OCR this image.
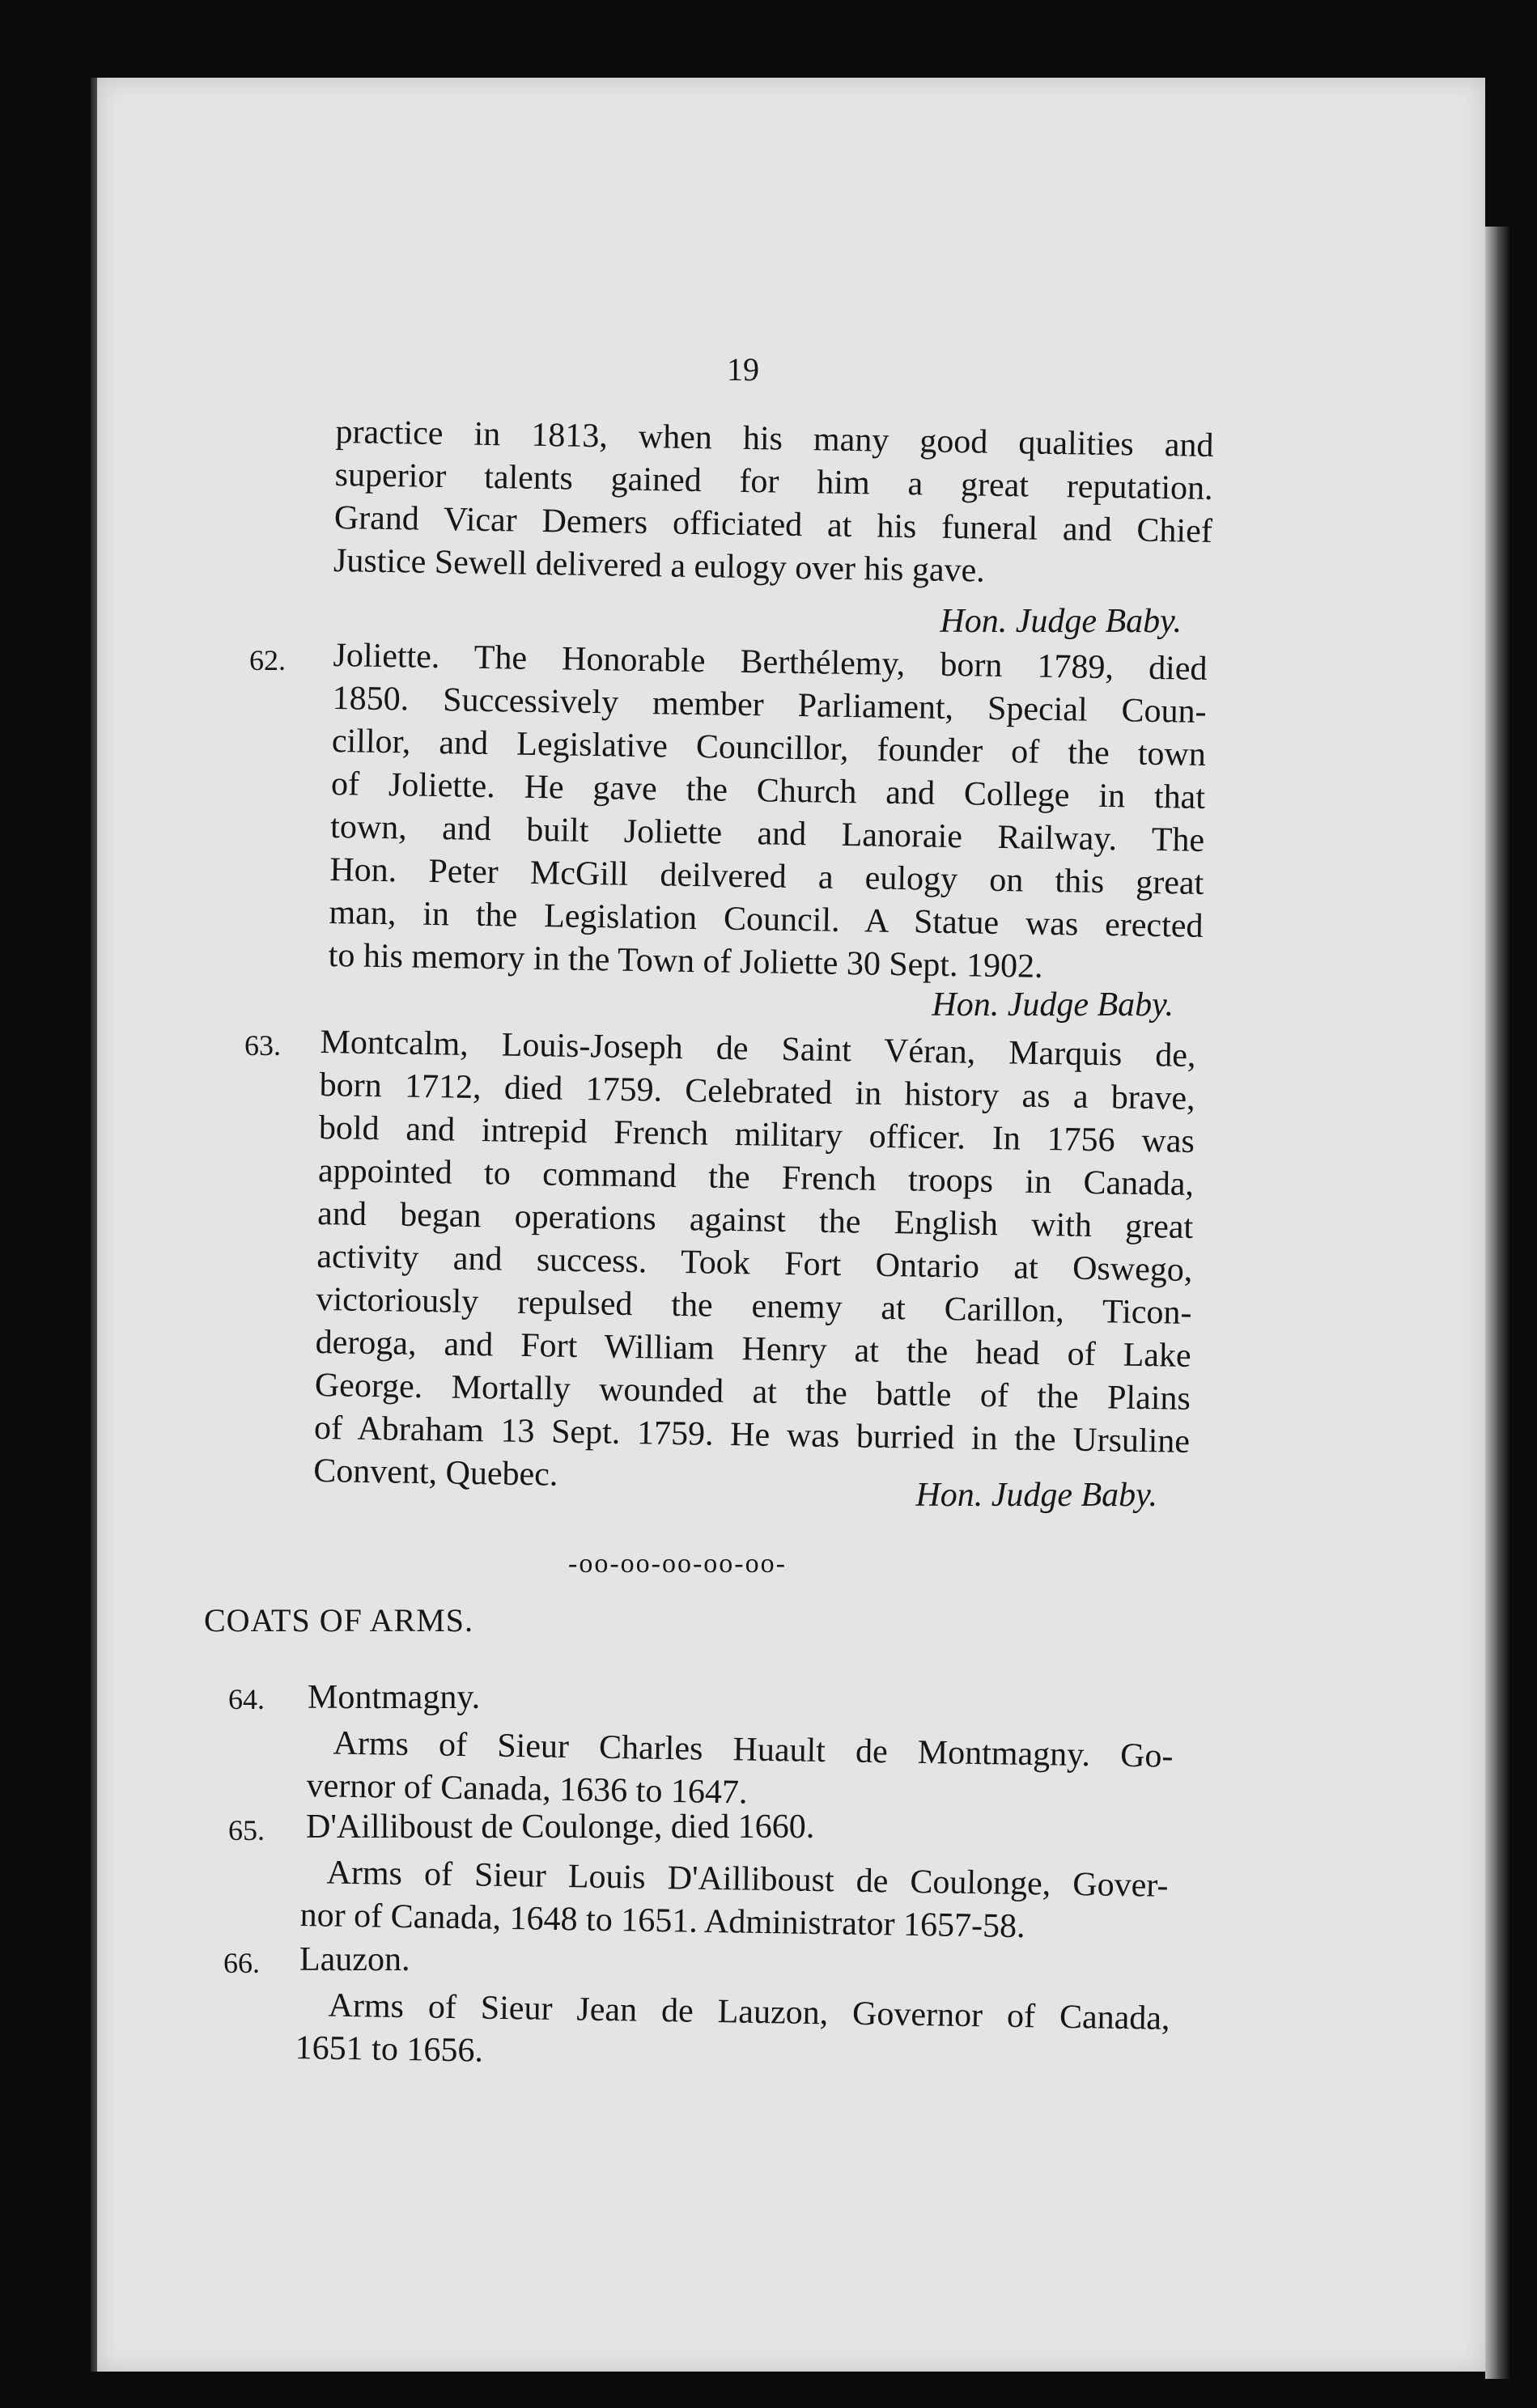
19
practice in 1813, when his many good qualities and
superior talents gained for him a great reputation.
Grand Vicar Demers officiated at his funeral and Chief
Justice Sewell delivered a eulogy over his gave.
Hon. Judge Baby.
62. Joliette. The Honorable Berthélemy, born 1789, died
1850. Successively member Parliament, Special Coun-
cillor, and Legislative Councillor, founder of the town
of Joliette. He gave the Church and College in that
town, and built Joliette and Lanoraie Railway. The
Hon. Peter McGill deilvered a eulogy on this great
man, in the Legislation Council. A Statue was erected
to his memory in the Town of Joliette 30 Sept. 1902.
Hon. Judge Baby.
63. Montcalm, Louis-Joseph de Saint Véran, Marquis de,
born 1712, died 1759. Celebrated in history as a brave,
bold and intrepid French military officer. In 1756 was
appointed to command the French troops in Canada,
and began operations against the English with great
activity and success. Took Fort Ontario at Oswego,
victoriously repulsed the enemy at Carillon, Ticon-
deroga, and Fort William Henry at the head of Lake
George. Mortally wounded at the battle of the Plains
of Abraham 13 Sept. 1759. He was burried in the Ursuline
Convent, Quebec.
Hon. Judge Baby.
-oo-oo-oo-oo-oo-
COATS OF ARMS.
64. Montmagny.
Arms of Sieur Charles Huault de Montmagny. Go-
vernor of Canada, 1636 to 1647.
65. D'Ailliboust de Coulonge, died 1660.
Arms of Sieur Louis D'Ailliboust de Coulonge, Gover-
nor of Canada, 1648 to 1651. Administrator 1657-58.
66. Lauzon.
Arms of Sieur Jean de Lauzon, Governor of Canada,
1651 to 1656.
